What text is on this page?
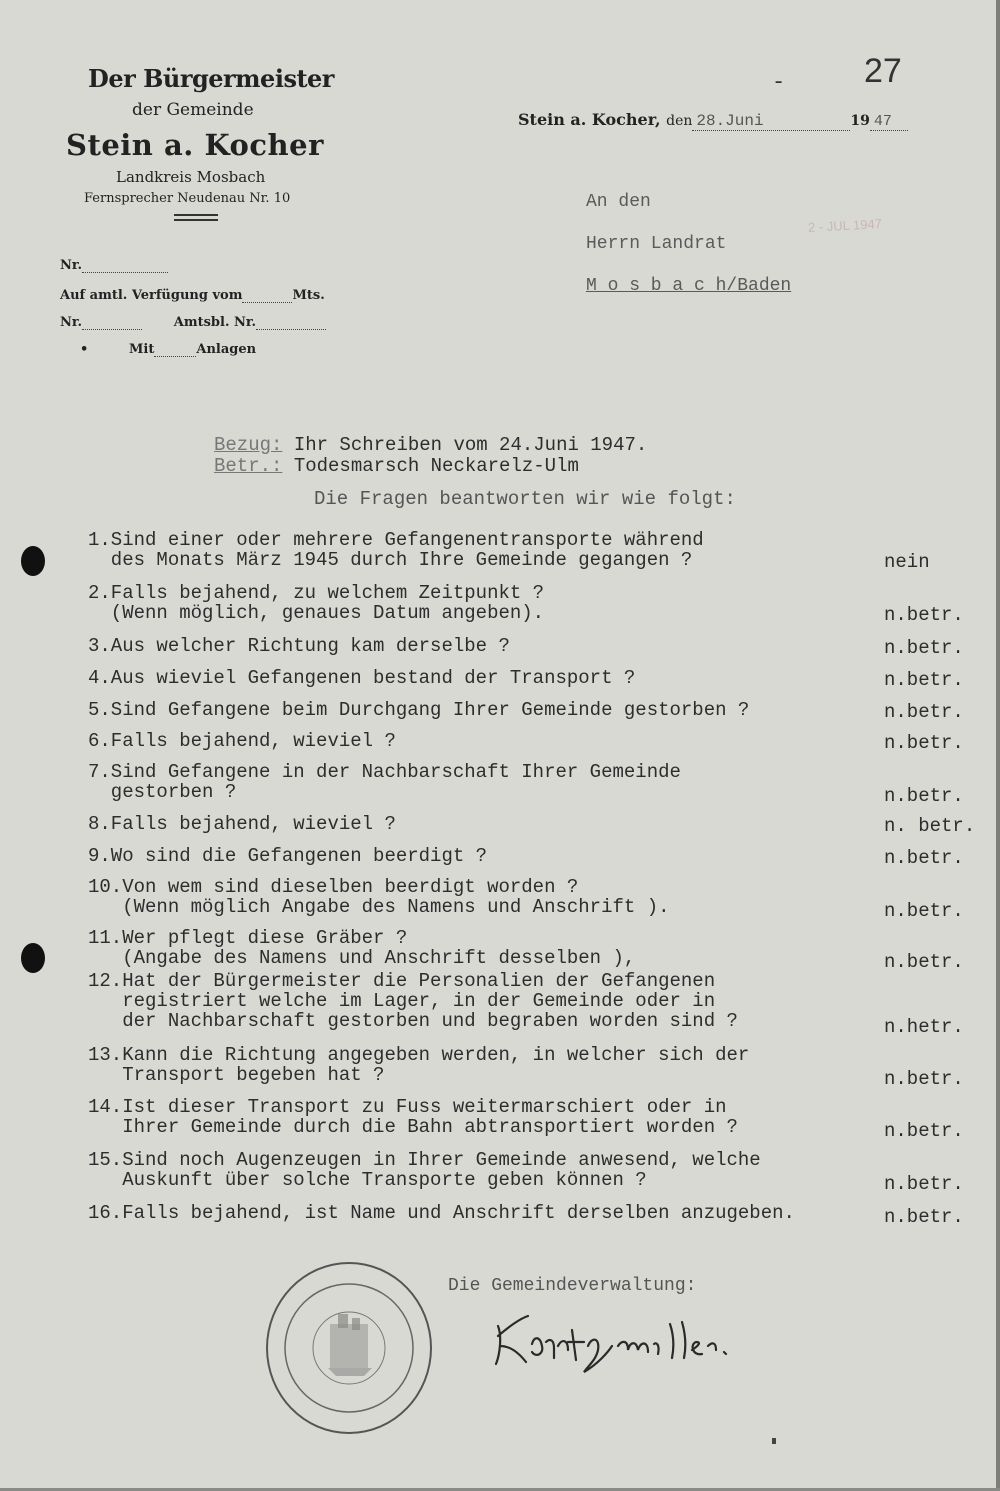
Der Bürgermeister
der Gemeinde
Stein a. Kocher
Landkreis Mosbach
Fernsprecher Neudenau Nr. 10
Nr.
Auf amtl. Verfügung vom	Mts.
Nr.	Amtsbl. Nr.
•         Mit	Anlagen
- 27
Stein a. Kocher, den 28.Juni	19 47
An den
Herrn Landrat
M o s b a c h/Baden
2 - JUL 1947
Bezug: Ihr Schreiben vom 24.Juni 1947.
Betr.: Todesmarsch Neckarelz-Ulm
Die Fragen beantworten wir wie folgt:
1.Sind einer oder mehrere Gefangenentransporte während
des Monats März 1945 durch Ihre Gemeinde gegangen ?	nein
2.Falls bejahend, zu welchem Zeitpunkt ?
(Wenn möglich, genaues Datum angeben).	n.betr.
3.Aus welcher Richtung kam derselbe ?	n.betr.
4.Aus wieviel Gefangenen bestand der Transport ?	n.betr.
5.Sind Gefangene beim Durchgang Ihrer Gemeinde gestorben ?	n.betr.
6.Falls bejahend, wieviel ?	n.betr.
7.Sind Gefangene in der Nachbarschaft Ihrer Gemeinde
gestorben ?	n.betr.
8.Falls bejahend, wieviel ?	n. betr.
9.Wo sind die Gefangenen beerdigt ?	n.betr.
10.Von wem sind dieselben beerdigt worden ?
(Wenn möglich Angabe des Namens und Anschrift ).	n.betr.
11.Wer pflegt diese Gräber ?
(Angabe des Namens und Anschrift desselben ),	n.betr.
12.Hat der Bürgermeister die Personalien der Gefangenen
registriert welche im Lager, in der Gemeinde oder in
der Nachbarschaft gestorben und begraben worden sind ?	n.hetr.
13.Kann die Richtung angegeben werden, in welcher sich der
Transport begeben hat ?	n.betr.
14.Ist dieser Transport zu Fuss weitermarschiert oder in
Ihrer Gemeinde durch die Bahn abtransportiert worden ?	n.betr.
15.Sind noch Augenzeugen in Ihrer Gemeinde anwesend, welche
Auskunft über solche Transporte geben können ?	n.betr.
16.Falls bejahend, ist Name und Anschrift derselben anzugeben.	n.betr.
Die Gemeindeverwaltung:
